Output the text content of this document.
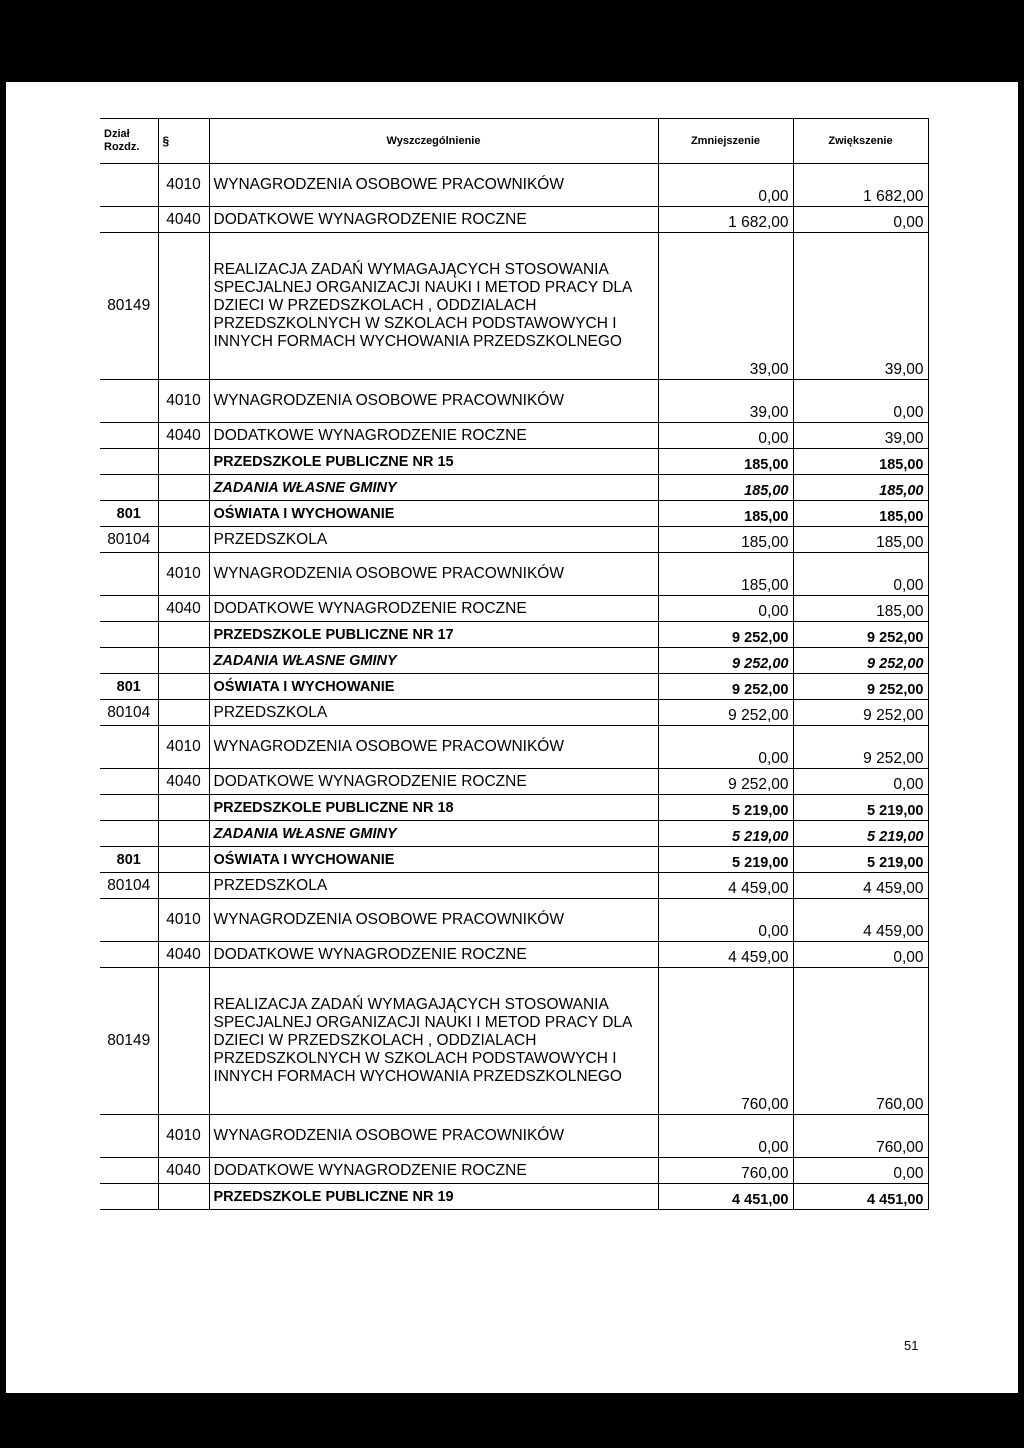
Dział Rozdz.	§	Wyszczególnienie	Zmniejszenie	Zwiększenie
	4010	WYNAGRODZENIA OSOBOWE PRACOWNIKÓW	0,00	1 682,00
	4040	DODATKOWE WYNAGRODZENIE ROCZNE	1 682,00	0,00
80149		REALIZACJA ZADAŃ WYMAGAJĄCYCH STOSOWANIA SPECJALNEJ ORGANIZACJI NAUKI I METOD PRACY DLA DZIECI W PRZEDSZKOLACH , ODDZIALACH PRZEDSZKOLNYCH W SZKOLACH PODSTAWOWYCH I INNYCH FORMACH WYCHOWANIA PRZEDSZKOLNEGO	39,00	39,00
	4010	WYNAGRODZENIA OSOBOWE PRACOWNIKÓW	39,00	0,00
	4040	DODATKOWE WYNAGRODZENIE ROCZNE	0,00	39,00
		PRZEDSZKOLE PUBLICZNE NR 15	185,00	185,00
		ZADANIA WŁASNE GMINY	185,00	185,00
801		OŚWIATA I WYCHOWANIE	185,00	185,00
80104		PRZEDSZKOLA	185,00	185,00
	4010	WYNAGRODZENIA OSOBOWE PRACOWNIKÓW	185,00	0,00
	4040	DODATKOWE WYNAGRODZENIE ROCZNE	0,00	185,00
		PRZEDSZKOLE PUBLICZNE NR 17	9 252,00	9 252,00
		ZADANIA WŁASNE GMINY	9 252,00	9 252,00
801		OŚWIATA I WYCHOWANIE	9 252,00	9 252,00
80104		PRZEDSZKOLA	9 252,00	9 252,00
	4010	WYNAGRODZENIA OSOBOWE PRACOWNIKÓW	0,00	9 252,00
	4040	DODATKOWE WYNAGRODZENIE ROCZNE	9 252,00	0,00
		PRZEDSZKOLE PUBLICZNE NR 18	5 219,00	5 219,00
		ZADANIA WŁASNE GMINY	5 219,00	5 219,00
801		OŚWIATA I WYCHOWANIE	5 219,00	5 219,00
80104		PRZEDSZKOLA	4 459,00	4 459,00
	4010	WYNAGRODZENIA OSOBOWE PRACOWNIKÓW	0,00	4 459,00
	4040	DODATKOWE WYNAGRODZENIE ROCZNE	4 459,00	0,00
80149		REALIZACJA ZADAŃ WYMAGAJĄCYCH STOSOWANIA SPECJALNEJ ORGANIZACJI NAUKI I METOD PRACY DLA DZIECI W PRZEDSZKOLACH , ODDZIALACH PRZEDSZKOLNYCH W SZKOLACH PODSTAWOWYCH I INNYCH FORMACH WYCHOWANIA PRZEDSZKOLNEGO	760,00	760,00
	4010	WYNAGRODZENIA OSOBOWE PRACOWNIKÓW	0,00	760,00
	4040	DODATKOWE WYNAGRODZENIE ROCZNE	760,00	0,00
		PRZEDSZKOLE PUBLICZNE NR 19	4 451,00	4 451,00
51
